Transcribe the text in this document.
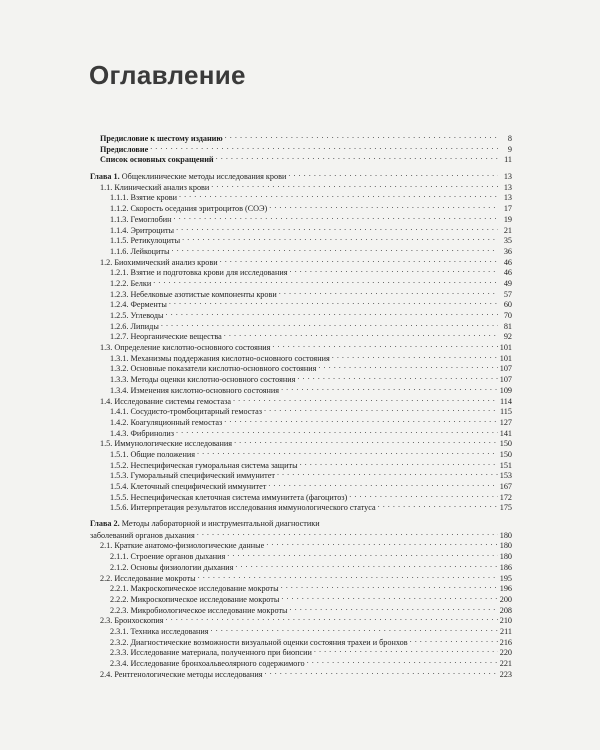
Оглавление
Предисловие к шестому изданию . . .	8
Предисловие . . .	9
Список основных сокращений . . .	11
Глава 1. Общеклинические методы исследования крови . . .	13
1.1. Клинический анализ крови . . .	13
1.1.1. Взятие крови . . .	13
1.1.2. Скорость оседания эритроцитов (СОЭ) . . .	17
1.1.3. Гемоглобин . . .	19
1.1.4. Эритроциты . . .	21
1.1.5. Ретикулоциты . . .	35
1.1.6. Лейкоциты . . .	36
1.2. Биохимический анализ крови . . .	46
1.2.1. Взятие и подготовка крови для исследования . . .	46
1.2.2. Белки . . .	49
1.2.3. Небелковые азотистые компоненты крови . . .	57
1.2.4. Ферменты . . .	60
1.2.5. Углеводы . . .	70
1.2.6. Липиды . . .	81
1.2.7. Неорганические вещества . . .	92
1.3. Определение кислотно-основного состояния . . .	101
1.3.1. Механизмы поддержания кислотно-основного состояния . . .	101
1.3.2. Основные показатели кислотно-основного состояния . . .	107
1.3.3. Методы оценки кислотно-основного состояния . . .	107
1.3.4. Изменения кислотно-основного состояния . . .	109
1.4. Исследование системы гемостаза . . .	114
1.4.1. Сосудисто-тромбоцитарный гемостаз . . .	115
1.4.2. Коагуляционный гемостаз . . .	127
1.4.3. Фибринолиз . . .	141
1.5. Иммунологические исследования . . .	150
1.5.1. Общие положения . . .	150
1.5.2. Неспецифическая гуморальная система защиты . . .	151
1.5.3. Гуморальный специфический иммунитет . . .	153
1.5.4. Клеточный специфический иммунитет . . .	167
1.5.5. Неспецифическая клеточная система иммунитета (фагоцитоз) . . .	172
1.5.6. Интерпретация результатов исследования иммунологического статуса . . .	175
Глава 2. Методы лабораторной и инструментальной диагностики
заболеваний органов дыхания . . .	180
2.1. Краткие анатомо-физиологические данные . . .	180
2.1.1. Строение органов дыхания . . .	180
2.1.2. Основы физиологии дыхания . . .	186
2.2. Исследование мокроты . . .	195
2.2.1. Макроскопическое исследование мокроты . . .	196
2.2.2. Микроскопическое исследование мокроты . . .	200
2.2.3. Микробиологическое исследование мокроты . . .	208
2.3. Бронхоскопия . . .	210
2.3.1. Техника исследования . . .	211
2.3.2. Диагностические возможности визуальной оценки состояния трахеи и бронхов . . .	216
2.3.3. Исследование материала, полученного при биопсии . . .	220
2.3.4. Исследование бронхоальвеолярного содержимого . . .	221
2.4. Рентгенологические методы исследования . . .	223
